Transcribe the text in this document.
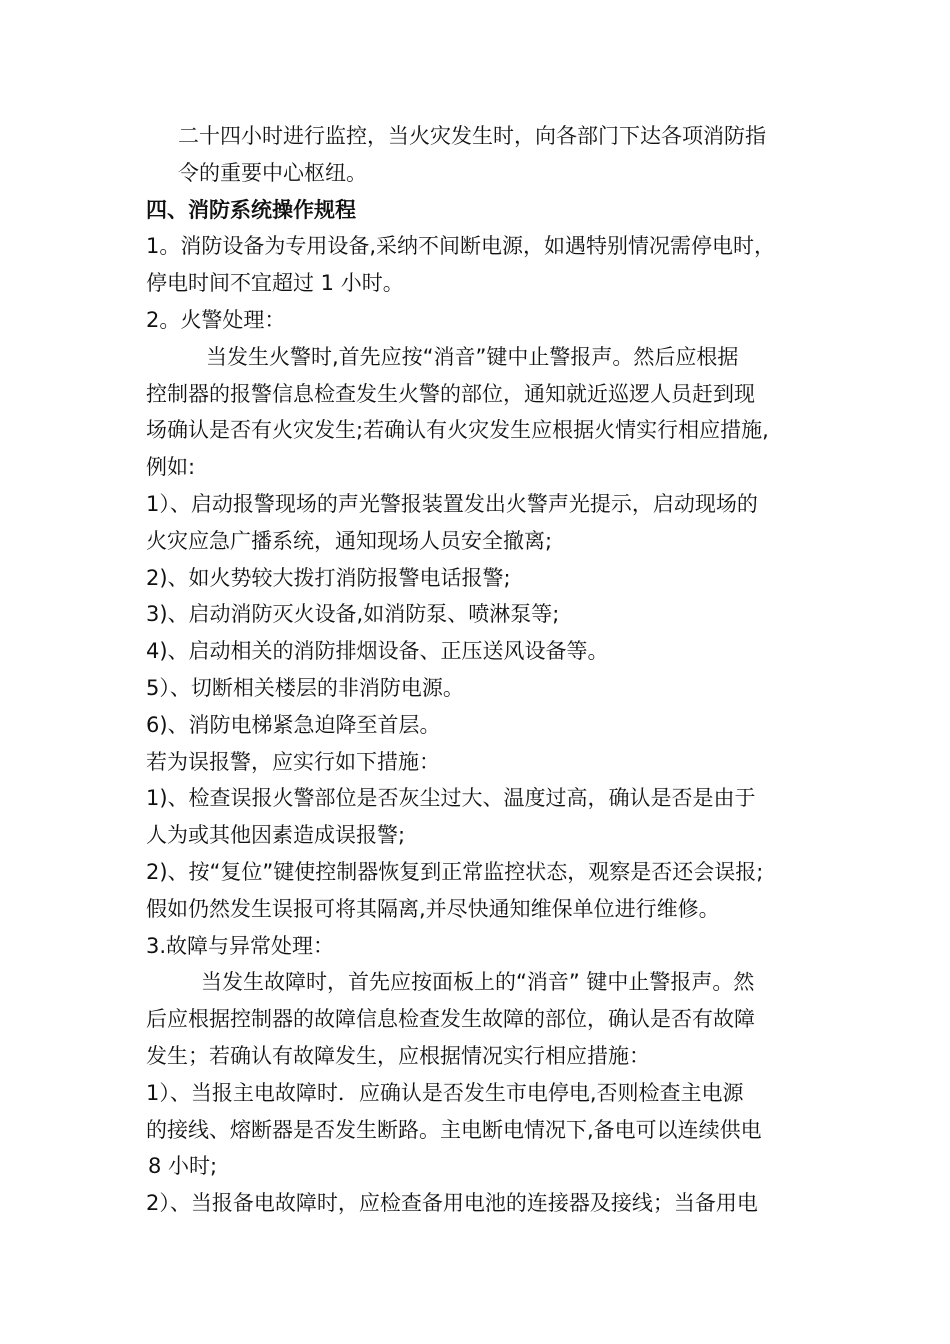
二十四小时进行监控，当火灾发生时，向各部门下达各项消防指
令的重要中心枢纽。
四、消防系统操作规程
1。消防设备为专用设备,采纳不间断电源，如遇特别情况需停电时，
停电时间不宜超过 1 小时。
2。火警处理：
当发生火警时,首先应按“消音”键中止警报声。然后应根据
控制器的报警信息检查发生火警的部位，通知就近巡逻人员赶到现
场确认是否有火灾发生;若确认有火灾发生应根据火情实行相应措施,
例如:
1）、启动报警现场的声光警报装置发出火警声光提示，启动现场的
火灾应急广播系统，通知现场人员安全撤离;
2)、如火势较大拨打消防报警电话报警;
3)、启动消防灭火设备,如消防泵、喷淋泵等;
4)、启动相关的消防排烟设备、正压送风设备等。
5）、切断相关楼层的非消防电源。
6)、消防电梯紧急迫降至首层。
若为误报警，应实行如下措施：
1)、检查误报火警部位是否灰尘过大、温度过高，确认是否是由于
人为或其他因素造成误报警;
2)、按“复位”键使控制器恢复到正常监控状态，观察是否还会误报;
假如仍然发生误报可将其隔离,并尽快通知维保单位进行维修。
3.故障与异常处理：
当发生故障时，首先应按面板上的“消音” 键中止警报声。然
后应根据控制器的故障信息检查发生故障的部位，确认是否有故障
发生；若确认有故障发生，应根据情况实行相应措施：
1）、当报主电故障时．应确认是否发生市电停电,否则检查主电源
的接线、熔断器是否发生断路。主电断电情况下,备电可以连续供电
8 小时;
2）、当报备电故障时，应检查备用电池的连接器及接线；当备用电
